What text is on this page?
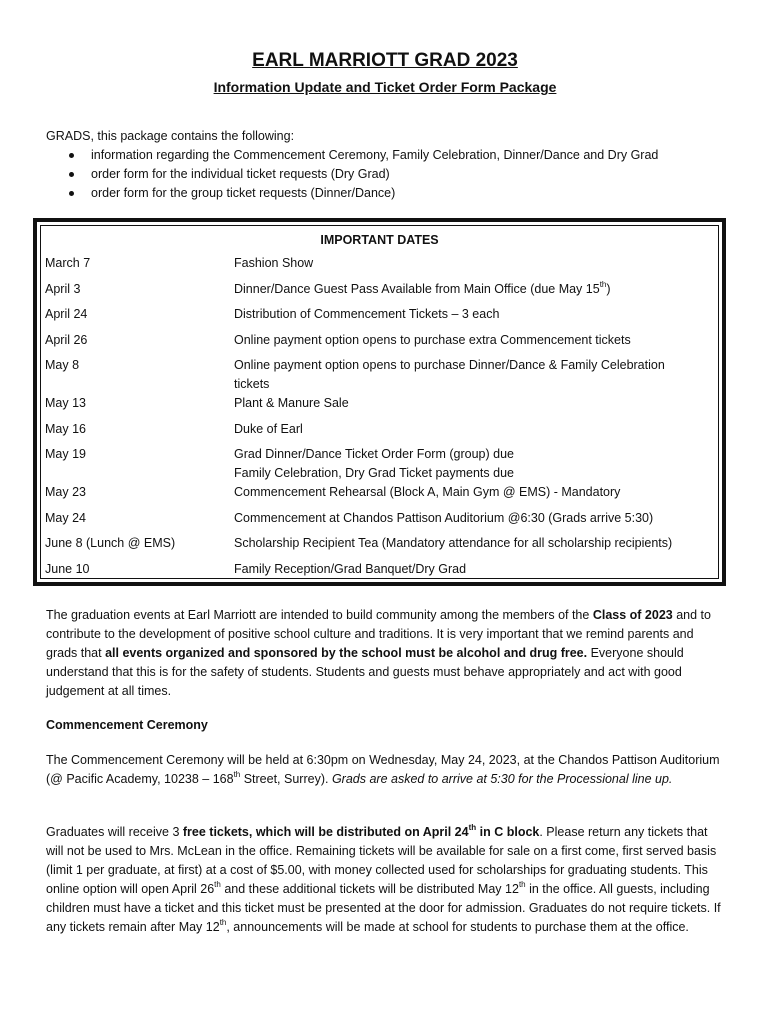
EARL MARRIOTT GRAD 2023
Information Update and Ticket Order Form Package
GRADS, this package contains the following:
information regarding the Commencement Ceremony, Family Celebration, Dinner/Dance and Dry Grad
order form for the individual ticket requests (Dry Grad)
order form for the group ticket requests (Dinner/Dance)
IMPORTANT DATES
March 7	Fashion Show
April 3	Dinner/Dance Guest Pass Available from Main Office (due May 15th)
April 24	Distribution of Commencement Tickets – 3 each
April 26	Online payment option opens to purchase extra Commencement tickets
May 8	Online payment option opens to purchase Dinner/Dance & Family Celebration
tickets
May 13	Plant & Manure Sale
May 16	Duke of Earl
May 19	Grad Dinner/Dance Ticket Order Form (group) due
Family Celebration, Dry Grad Ticket payments due
May 23	Commencement Rehearsal (Block A, Main Gym @ EMS) - Mandatory
May 24	Commencement at Chandos Pattison Auditorium @6:30 (Grads arrive 5:30)
June 8 (Lunch @ EMS)	Scholarship Recipient Tea (Mandatory attendance for all scholarship recipients)
June 10	Family Reception/Grad Banquet/Dry Grad
The graduation events at Earl Marriott are intended to build community among the members of the Class of 2023 and to contribute to the development of positive school culture and traditions. It is very important that we remind parents and grads that all events organized and sponsored by the school must be alcohol and drug free. Everyone should understand that this is for the safety of students. Students and guests must behave appropriately and act with good judgement at all times.
Commencement Ceremony
The Commencement Ceremony will be held at 6:30pm on Wednesday, May 24, 2023, at the Chandos Pattison Auditorium (@ Pacific Academy, 10238 – 168th Street, Surrey). Grads are asked to arrive at 5:30 for the Processional line up.
Graduates will receive 3 free tickets, which will be distributed on April 24th in C block. Please return any tickets that will not be used to Mrs. McLean in the office. Remaining tickets will be available for sale on a first come, first served basis (limit 1 per graduate, at first) at a cost of $5.00, with money collected used for scholarships for graduating students. This online option will open April 26th and these additional tickets will be distributed May 12th in the office. All guests, including children must have a ticket and this ticket must be presented at the door for admission. Graduates do not require tickets. If any tickets remain after May 12th, announcements will be made at school for students to purchase them at the office.
